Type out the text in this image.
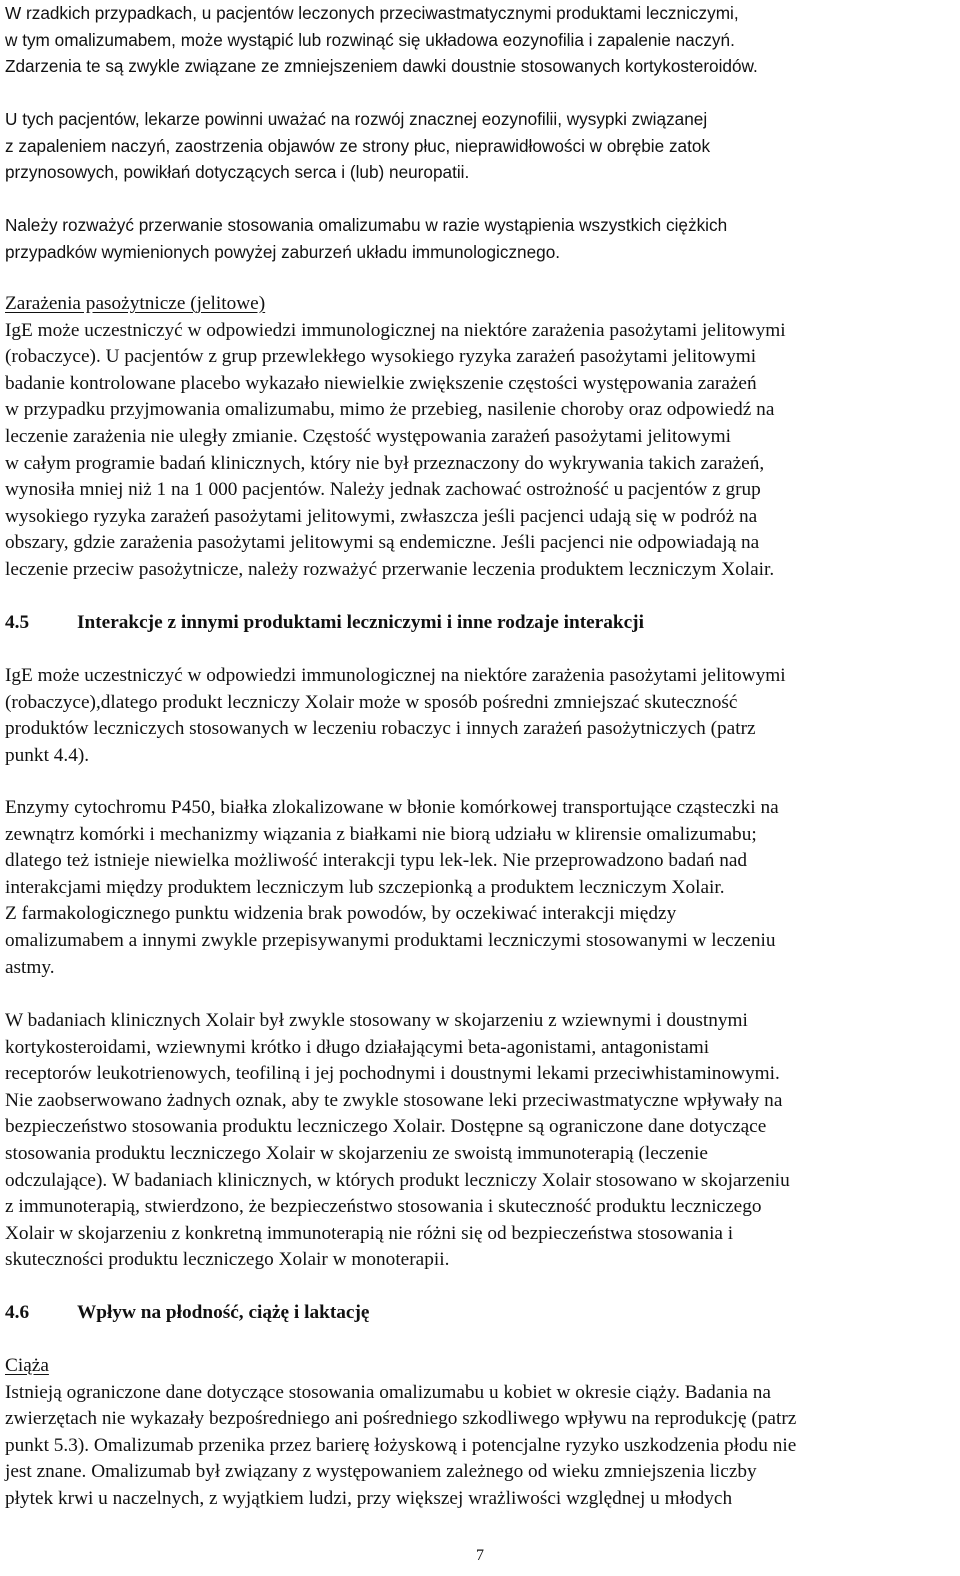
W rzadkich przypadkach, u pacjentów leczonych przeciwastmatycznymi produktami leczniczymi,
w tym omalizumabem, może wystąpić lub rozwinąć się układowa eozynofilia i zapalenie naczyń.
Zdarzenia te są zwykle związane ze zmniejszeniem dawki doustnie stosowanych kortykosteroidów.
U tych pacjentów, lekarze powinni uważać na rozwój znacznej eozynofilii, wysypki związanej
z zapaleniem naczyń, zaostrzenia objawów ze strony płuc, nieprawidłowości w obrębie zatok
przynosowych, powikłań dotyczących serca i (lub) neuropatii.
Należy rozważyć przerwanie stosowania omalizumabu w razie wystąpienia wszystkich ciężkich
przypadków wymienionych powyżej zaburzeń układu immunologicznego.
Zarażenia pasożytnicze (jelitowe)
IgE może uczestniczyć w odpowiedzi immunologicznej na niektóre zarażenia pasożytami jelitowymi
(robaczyce). U pacjentów z grup przewlekłego wysokiego ryzyka zarażeń pasożytami jelitowymi
badanie kontrolowane placebo wykazało niewielkie zwiększenie częstości występowania zarażeń
w przypadku przyjmowania omalizumabu, mimo że przebieg, nasilenie choroby oraz odpowiedź na
leczenie zarażenia nie uległy zmianie. Częstość występowania zarażeń pasożytami jelitowymi
w całym programie badań klinicznych, który nie był przeznaczony do wykrywania takich zarażeń,
wynosiła mniej niż 1 na 1 000 pacjentów. Należy jednak zachować ostrożność u pacjentów z grup
wysokiego ryzyka zarażeń pasożytami jelitowymi, zwłaszcza jeśli pacjenci udają się w podróż na
obszary, gdzie zarażenia pasożytami jelitowymi są endemiczne. Jeśli pacjenci nie odpowiadają na
leczenie przeciw pasożytnicze, należy rozważyć przerwanie leczenia produktem leczniczym Xolair.
4.5 Interakcje z innymi produktami leczniczymi i inne rodzaje interakcji
IgE może uczestniczyć w odpowiedzi immunologicznej na niektóre zarażenia pasożytami jelitowymi
(robaczyce),dlatego produkt leczniczy Xolair może w sposób pośredni zmniejszać skuteczność
produktów leczniczych stosowanych w leczeniu robaczyc i innych zarażeń pasożytniczych (patrz
punkt 4.4).
Enzymy cytochromu P450, białka zlokalizowane w błonie komórkowej transportujące cząsteczki na
zewnątrz komórki i mechanizmy wiązania z białkami nie biorą udziału w klirensie omalizumabu;
dlatego też istnieje niewielka możliwość interakcji typu lek-lek. Nie przeprowadzono badań nad
interakcjami między produktem leczniczym lub szczepionką a produktem leczniczym Xolair.
Z farmakologicznego punktu widzenia brak powodów, by oczekiwać interakcji między
omalizumabem a innymi zwykle przepisywanymi produktami leczniczymi stosowanymi w leczeniu
astmy.
W badaniach klinicznych Xolair był zwykle stosowany w skojarzeniu z wziewnymi i doustnymi
kortykosteroidami, wziewnymi krótko i długo działającymi beta-agonistami, antagonistami
receptorów leukotrienowych, teofiliną i jej pochodnymi i doustnymi lekami przeciwhistaminowymi.
Nie zaobserwowano żadnych oznak, aby te zwykle stosowane leki przeciwastmatyczne wpływały na
bezpieczeństwo stosowania produktu leczniczego Xolair. Dostępne są ograniczone dane dotyczące
stosowania produktu leczniczego Xolair w skojarzeniu ze swoistą immunoterapią (leczenie
odczulające). W badaniach klinicznych, w których produkt leczniczy Xolair stosowano w skojarzeniu
z immunoterapią, stwierdzono, że bezpieczeństwo stosowania i skuteczność produktu leczniczego
Xolair w skojarzeniu z konkretną immunoterapią nie różni się od bezpieczeństwa stosowania i
skuteczności produktu leczniczego Xolair w monoterapii.
4.6 Wpływ na płodność, ciążę i laktację
Ciąża
Istnieją ograniczone dane dotyczące stosowania omalizumabu u kobiet w okresie ciąży. Badania na
zwierzętach nie wykazały bezpośredniego ani pośredniego szkodliwego wpływu na reprodukcję (patrz
punkt 5.3). Omalizumab przenika przez barierę łożyskową i potencjalne ryzyko uszkodzenia płodu nie
jest znane. Omalizumab był związany z występowaniem zależnego od wieku zmniejszenia liczby
płytek krwi u naczelnych, z wyjątkiem ludzi, przy większej wrażliwości względnej u młodych
7
